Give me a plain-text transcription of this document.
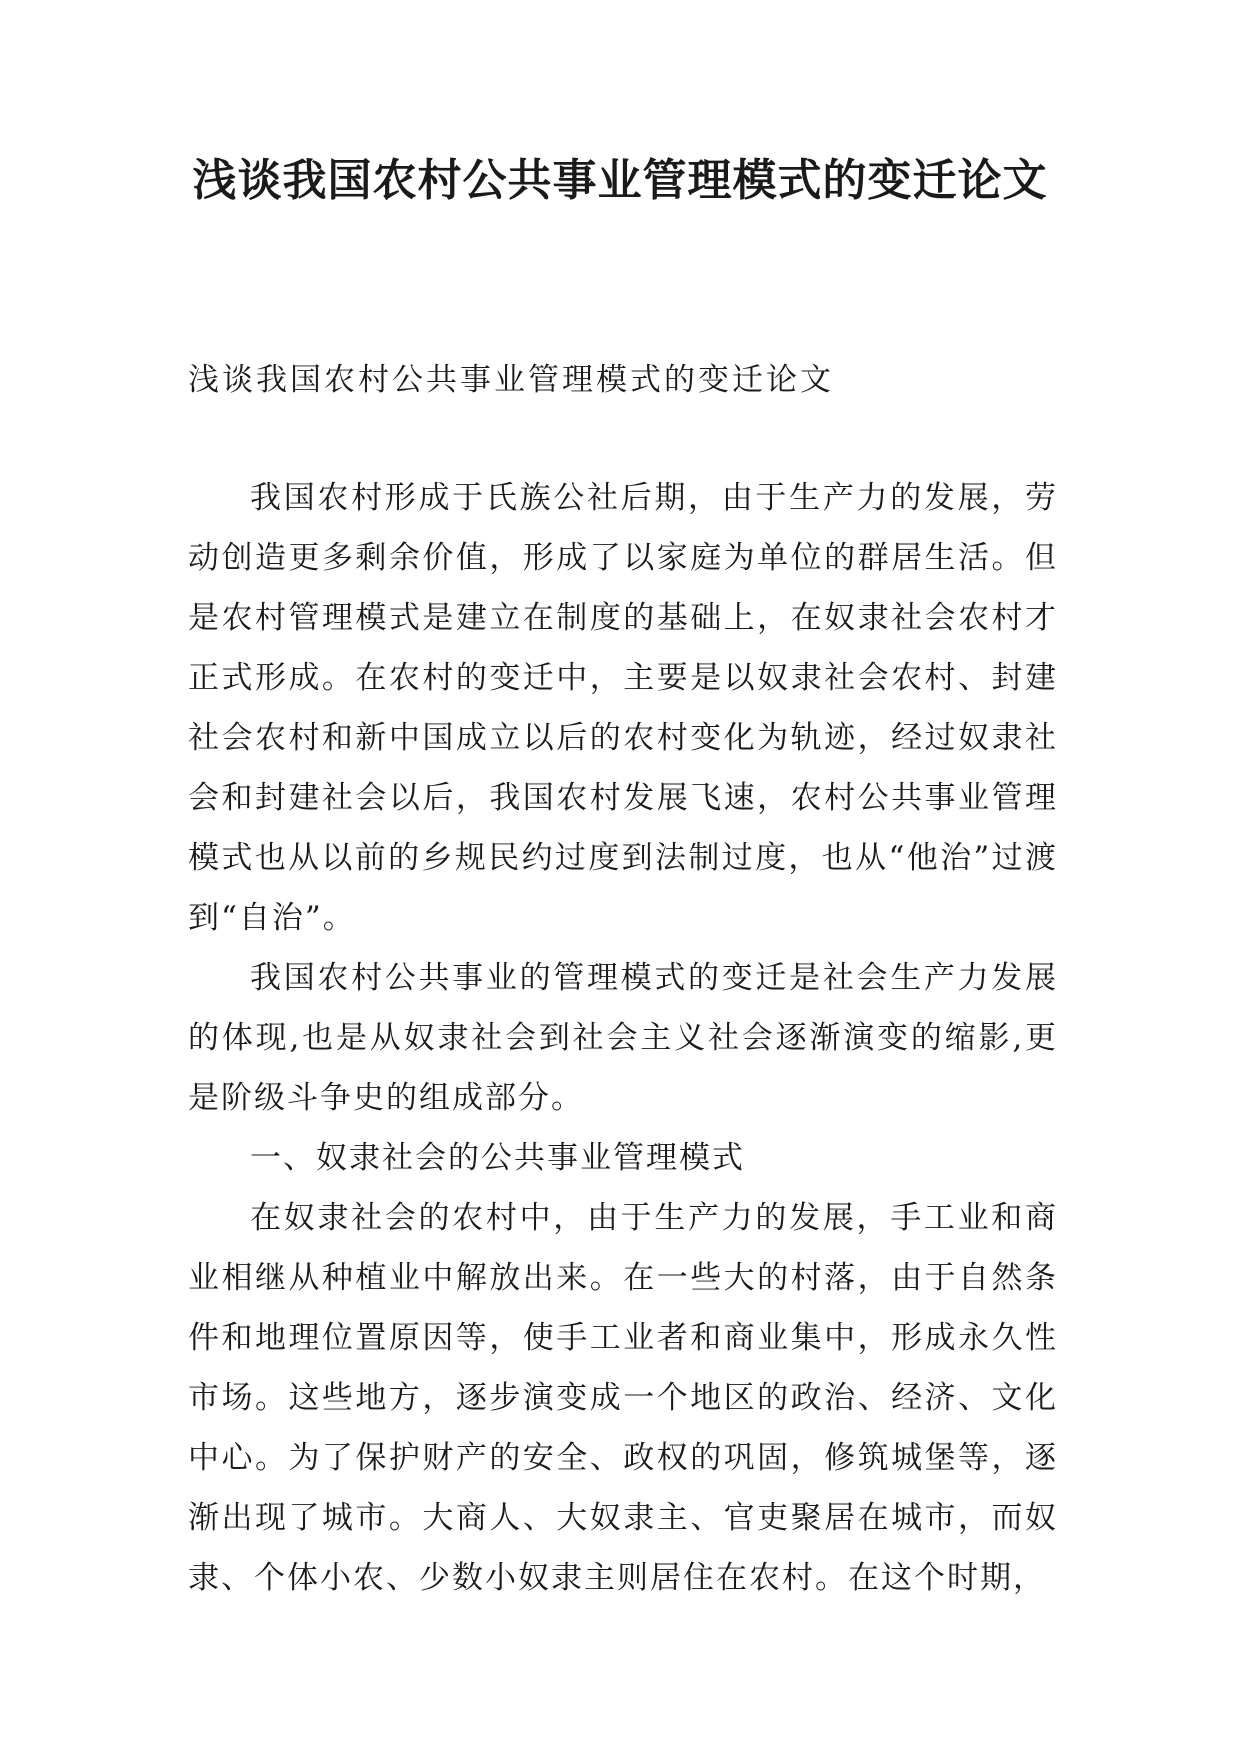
浅谈我国农村公共事业管理模式的变迁论文

浅谈我国农村公共事业管理模式的变迁论文

我国农村形成于氏族公社后期，由于生产力的发展，劳动创造更多剩余价值，形成了以家庭为单位的群居生活。但是农村管理模式是建立在制度的基础上，在奴隶社会农村才正式形成。在农村的变迁中，主要是以奴隶社会农村、封建社会农村和新中国成立以后的农村变化为轨迹，经过奴隶社会和封建社会以后，我国农村发展飞速，农村公共事业管理模式也从以前的乡规民约过度到法制过度，也从“他治”过渡到“自治”。

我国农村公共事业的管理模式的变迁是社会生产力发展的体现,也是从奴隶社会到社会主义社会逐渐演变的缩影,更是阶级斗争史的组成部分。

一、奴隶社会的公共事业管理模式

在奴隶社会的农村中，由于生产力的发展，手工业和商业相继从种植业中解放出来。在一些大的村落，由于自然条件和地理位置原因等，使手工业者和商业集中，形成永久性市场。这些地方，逐步演变成一个地区的政治、经济、文化中心。为了保护财产的安全、政权的巩固，修筑城堡等，逐渐出现了城市。大商人、大奴隶主、官吏聚居在城市，而奴隶、个体小农、少数小奴隶主则居住在农村。在这个时期，
